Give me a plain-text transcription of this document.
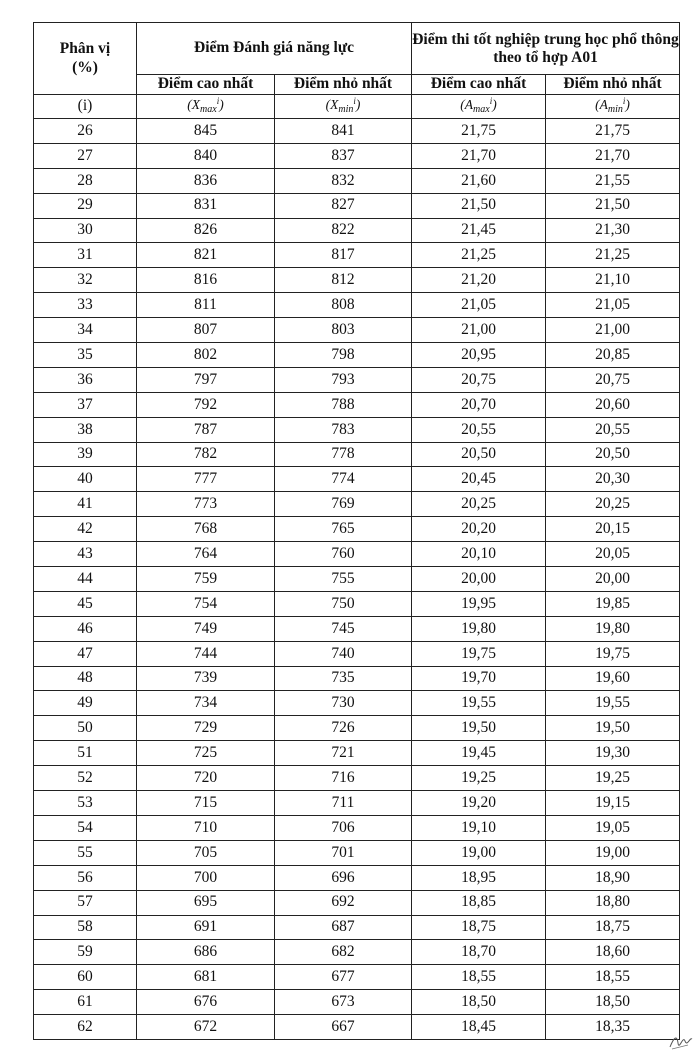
Phân vị (%)	Điểm Đánh giá năng lực		Điểm thi tốt nghiệp trung học phổ thông theo tổ hợp A01	
	Điểm cao nhất	Điểm nhỏ nhất	Điểm cao nhất	Điểm nhỏ nhất
(i)	$(X_{max}^i)$	$(X_{min}^i)$	$(A_{max}^i)$	$(A_{min}^i)$
26	845	841	21,75	21,75
27	840	837	21,70	21,70
28	836	832	21,60	21,55
29	831	827	21,50	21,50
30	826	822	21,45	21,30
31	821	817	21,25	21,25
32	816	812	21,20	21,10
33	811	808	21,05	21,05
34	807	803	21,00	21,00
35	802	798	20,95	20,85
36	797	793	20,75	20,75
37	792	788	20,70	20,60
38	787	783	20,55	20,55
39	782	778	20,50	20,50
40	777	774	20,45	20,30
41	773	769	20,25	20,25
42	768	765	20,20	20,15
43	764	760	20,10	20,05
44	759	755	20,00	20,00
45	754	750	19,95	19,85
46	749	745	19,80	19,80
47	744	740	19,75	19,75
48	739	735	19,70	19,60
49	734	730	19,55	19,55
50	729	726	19,50	19,50
51	725	721	19,45	19,30
52	720	716	19,25	19,25
53	715	711	19,20	19,15
54	710	706	19,10	19,05
55	705	701	19,00	19,00
56	700	696	18,95	18,90
57	695	692	18,85	18,80
58	691	687	18,75	18,75
59	686	682	18,70	18,60
60	681	677	18,55	18,55
61	676	673	18,50	18,50
62	672	667	18,45	18,35
